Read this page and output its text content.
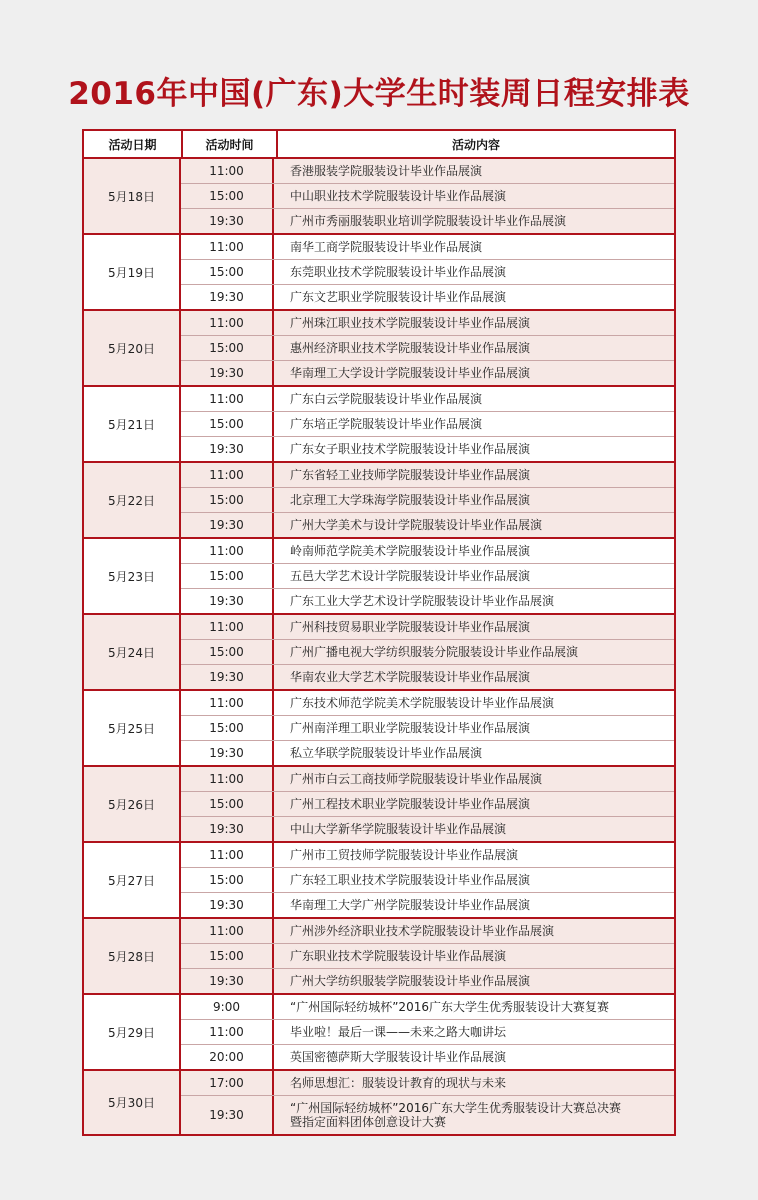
2016年中国(广东)大学生时装周日程安排表
活动日期	活动时间	活动内容
5月18日
11:00	香港服装学院服装设计毕业作品展演
15:00	中山职业技术学院服装设计毕业作品展演
19:30	广州市秀丽服装职业培训学院服装设计毕业作品展演
5月19日
11:00	南华工商学院服装设计毕业作品展演
15:00	东莞职业技术学院服装设计毕业作品展演
19:30	广东文艺职业学院服装设计毕业作品展演
5月20日
11:00	广州珠江职业技术学院服装设计毕业作品展演
15:00	惠州经济职业技术学院服装设计毕业作品展演
19:30	华南理工大学设计学院服装设计毕业作品展演
5月21日
11:00	广东白云学院服装设计毕业作品展演
15:00	广东培正学院服装设计毕业作品展演
19:30	广东女子职业技术学院服装设计毕业作品展演
5月22日
11:00	广东省轻工业技师学院服装设计毕业作品展演
15:00	北京理工大学珠海学院服装设计毕业作品展演
19:30	广州大学美术与设计学院服装设计毕业作品展演
5月23日
11:00	岭南师范学院美术学院服装设计毕业作品展演
15:00	五邑大学艺术设计学院服装设计毕业作品展演
19:30	广东工业大学艺术设计学院服装设计毕业作品展演
5月24日
11:00	广州科技贸易职业学院服装设计毕业作品展演
15:00	广州广播电视大学纺织服装分院服装设计毕业作品展演
19:30	华南农业大学艺术学院服装设计毕业作品展演
5月25日
11:00	广东技术师范学院美术学院服装设计毕业作品展演
15:00	广州南洋理工职业学院服装设计毕业作品展演
19:30	私立华联学院服装设计毕业作品展演
5月26日
11:00	广州市白云工商技师学院服装设计毕业作品展演
15:00	广州工程技术职业学院服装设计毕业作品展演
19:30	中山大学新华学院服装设计毕业作品展演
5月27日
11:00	广州市工贸技师学院服装设计毕业作品展演
15:00	广东轻工职业技术学院服装设计毕业作品展演
19:30	华南理工大学广州学院服装设计毕业作品展演
5月28日
11:00	广州涉外经济职业技术学院服装设计毕业作品展演
15:00	广东职业技术学院服装设计毕业作品展演
19:30	广州大学纺织服装学院服装设计毕业作品展演
5月29日
9:00	“广州国际轻纺城杯”2016广东大学生优秀服装设计大赛复赛
11:00	毕业啦！最后一课——未来之路大咖讲坛
20:00	英国密德萨斯大学服装设计毕业作品展演
5月30日
17:00	名师思想汇：服装设计教育的现状与未来
19:30	“广州国际轻纺城杯”2016广东大学生优秀服装设计大赛总决赛
暨指定面料团体创意设计大赛
